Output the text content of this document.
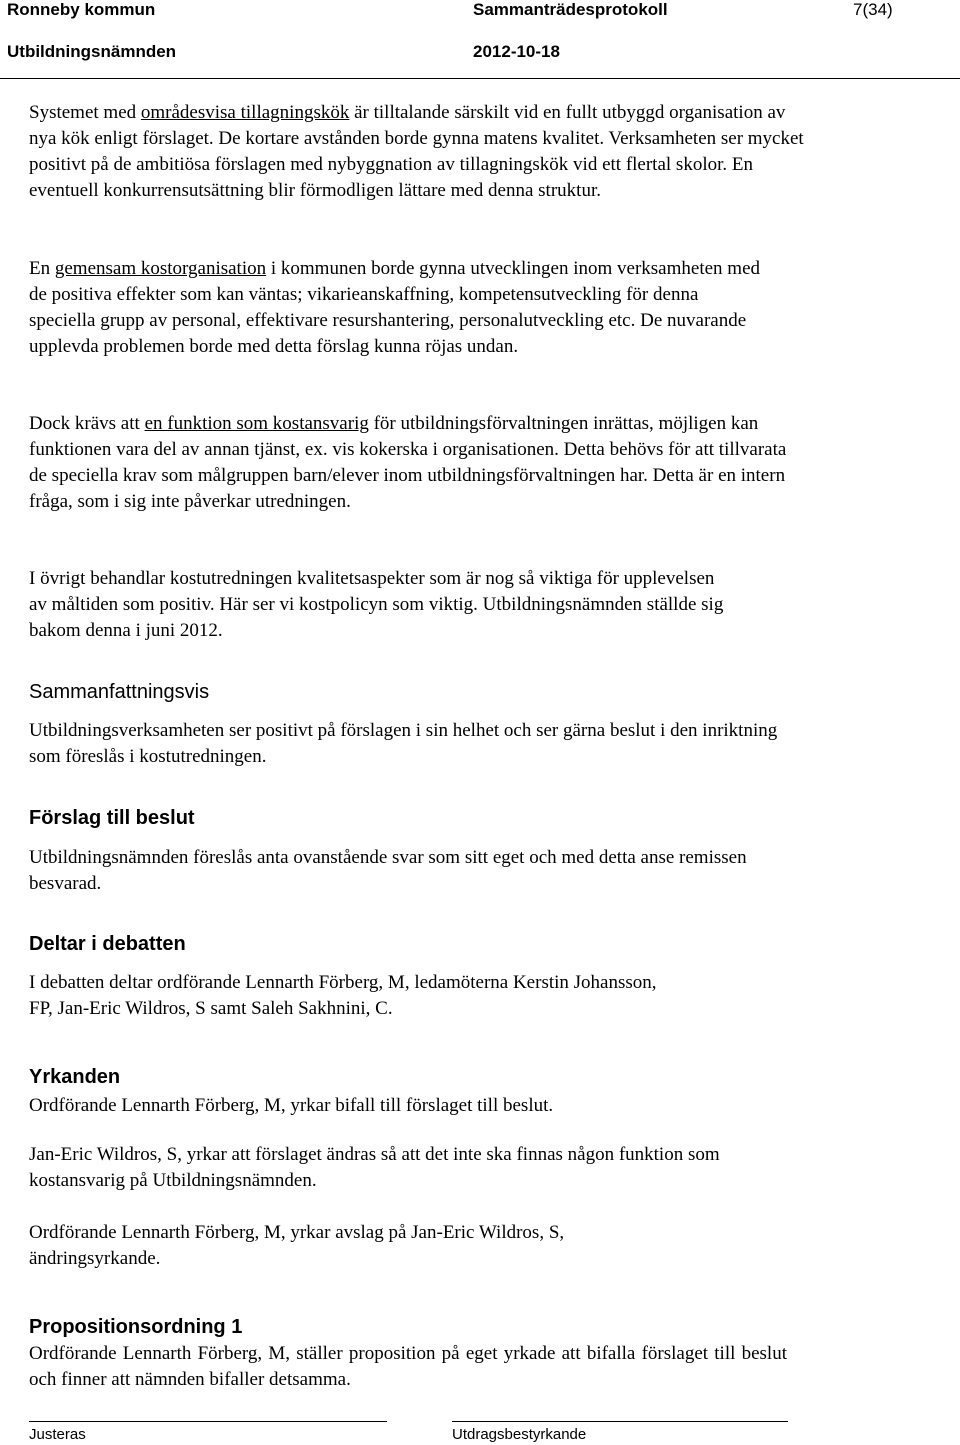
Ronneby kommun	Sammanträdesprotokoll	7(34)
Utbildningsnämnden	2012-10-18

Systemet med områdesvisa tillagningskök är tilltalande särskilt vid en fullt utbyggd organisation av nya kök enligt förslaget. De kortare avstånden borde gynna matens kvalitet. Verksamheten ser mycket positivt på de ambitiösa förslagen med nybyggnation av tillagningskök vid ett flertal skolor. En eventuell konkurrensutsättning blir förmodligen lättare med denna struktur.

En gemensam kostorganisation i kommunen borde gynna utvecklingen inom verksamheten med de positiva effekter som kan väntas; vikarieanskaffning, kompetensutveckling för denna speciella grupp av personal, effektivare resurshantering, personalutveckling etc. De nuvarande upplevda problemen borde med detta förslag kunna röjas undan.

Dock krävs att en funktion som kostansvarig för utbildningsförvaltningen inrättas, möjligen kan funktionen vara del av annan tjänst, ex. vis kokerska i organisationen. Detta behövs för att tillvarata de speciella krav som målgruppen barn/elever inom utbildningsförvaltningen har. Detta är en intern fråga, som i sig inte påverkar utredningen.

I övrigt behandlar kostutredningen kvalitetsaspekter som är nog så viktiga för upplevelsen av måltiden som positiv. Här ser vi kostpolicyn som viktig. Utbildningsnämnden ställde sig bakom denna i juni 2012.

Sammanfattningsvis

Utbildningsverksamheten ser positivt på förslagen i sin helhet och ser gärna beslut i den inriktning som föreslås i kostutredningen.

Förslag till beslut

Utbildningsnämnden föreslås anta ovanstående svar som sitt eget och med detta anse remissen besvarad.

Deltar i debatten

I debatten deltar ordförande Lennarth Förberg, M, ledamöterna Kerstin Johansson, FP, Jan-Eric Wildros, S samt Saleh Sakhnini, C.

Yrkanden

Ordförande Lennarth Förberg, M, yrkar bifall till förslaget till beslut.

Jan-Eric Wildros, S, yrkar att förslaget ändras så att det inte ska finnas någon funktion som kostansvarig på Utbildningsnämnden.

Ordförande Lennarth Förberg, M, yrkar avslag på Jan-Eric Wildros, S, ändringsyrkande.

Propositionsordning 1

Ordförande Lennarth Förberg, M, ställer proposition på eget yrkade att bifalla förslaget till beslut och finner att nämnden bifaller detsamma.

Justeras	Utdragsbestyrkande
